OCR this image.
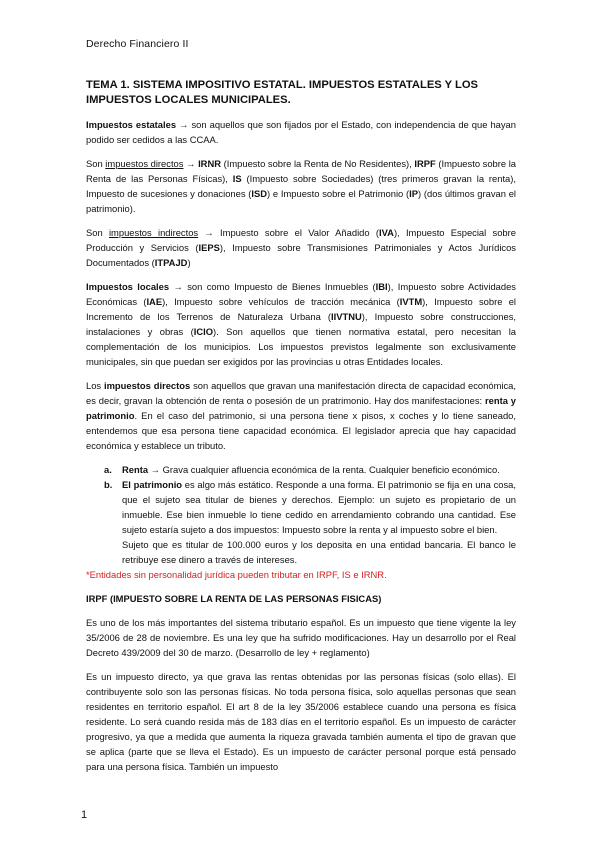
Derecho Financiero II
TEMA 1. SISTEMA IMPOSITIVO ESTATAL. IMPUESTOS ESTATALES Y LOS IMPUESTOS LOCALES MUNICIPALES.

Impuestos estatales → son aquellos que son fijados por el Estado, con independencia de que hayan podido ser cedidos a las CCAA.

Son impuestos directos → IRNR (Impuesto sobre la Renta de No Residentes), IRPF (Impuesto sobre la Renta de las Personas Físicas), IS (Impuesto sobre Sociedades) (tres primeros gravan la renta), Impuesto de sucesiones y donaciones (ISD) e Impuesto sobre el Patrimonio (IP) (dos últimos gravan el patrimonio).

Son impuestos indirectos → Impuesto sobre el Valor Añadido (IVA), Impuesto Especial sobre Producción y Servicios (IEPS), Impuesto sobre Transmisiones Patrimoniales y Actos Jurídicos Documentados (ITPAJD)

Impuestos locales → son como Impuesto de Bienes Inmuebles (IBI), Impuesto sobre Actividades Económicas (IAE), Impuesto sobre vehículos de tracción mecánica (IVTM), Impuesto sobre el Incremento de los Terrenos de Naturaleza Urbana (IIVTNU), Impuesto sobre construcciones, instalaciones y obras (ICIO). Son aquellos que tienen normativa estatal, pero necesitan la complementación de los municipios. Los impuestos previstos legalmente son exclusivamente municipales, sin que puedan ser exigidos por las provincias u otras Entidades locales.

Los impuestos directos son aquellos que gravan una manifestación directa de capacidad económica, es decir, gravan la obtención de renta o posesión de un pratrimonio. Hay dos manifestaciones: renta y patrimonio. En el caso del patrimonio, si una persona tiene x pisos, x coches y lo tiene saneado, entendemos que esa persona tiene capacidad económica. El legislador aprecia que hay capacidad económica y establece un tributo.

a. Renta → Grava cualquier afluencia económica de la renta. Cualquier beneficio económico.
b. El patrimonio es algo más estático. Responde a una forma. El patrimonio se fija en una cosa, que el sujeto sea titular de bienes y derechos. Ejemplo: un sujeto es propietario de un inmueble. Ese bien inmueble lo tiene cedido en arrendamiento cobrando una cantidad. Ese sujeto estaría sujeto a dos impuestos: Impuesto sobre la renta y al impuesto sobre el bien.

Sujeto que es titular de 100.000 euros y los deposita en una entidad bancaria. El banco le retribuye ese dinero a través de intereses.

*Entidades sin personalidad jurídica pueden tributar en IRPF, IS e IRNR.

IRPF (IMPUESTO SOBRE LA RENTA DE LAS PERSONAS FISICAS)

Es uno de los más importantes del sistema tributario español. Es un impuesto que tiene vigente la ley 35/2006 de 28 de noviembre. Es una ley que ha sufrido modificaciones. Hay un desarrollo por el Real Decreto 439/2009 del 30 de marzo. (Desarrollo de ley + reglamento)

Es un impuesto directo, ya que grava las rentas obtenidas por las personas físicas (solo ellas). El contribuyente solo son las personas físicas. No toda persona física, solo aquellas personas que sean residentes en territorio español. El art 8 de la ley 35/2006 establece cuando una persona es física residente. Lo será cuando resida más de 183 días en el territorio español. Es un impuesto de carácter progresivo, ya que a medida que aumenta la riqueza gravada también aumenta el tipo de gravan que se aplica (parte que se lleva el Estado). Es un impuesto de carácter personal porque está pensado para una persona física. También un impuesto

1
